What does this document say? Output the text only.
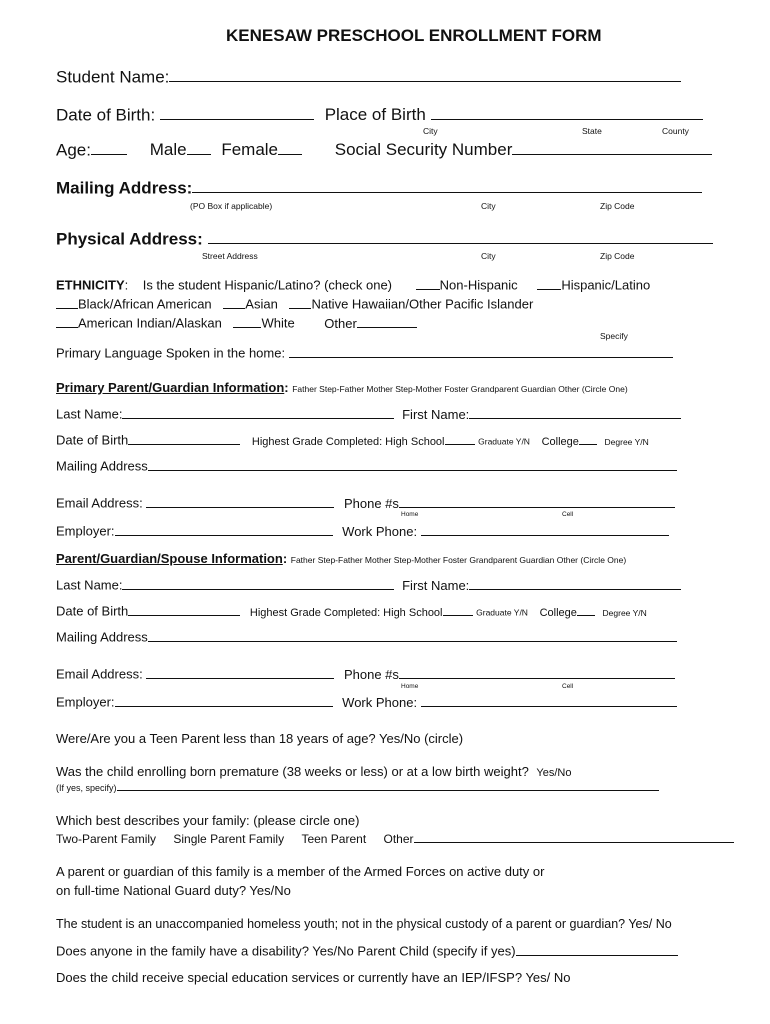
KENESAW PRESCHOOL ENROLLMENT FORM
Student Name:
Date of Birth:	Place of Birth
City	State	County
Age:	Male Female	Social Security Number
Mailing Address:
(PO Box if applicable)	City	Zip Code
Physical Address:
Street Address	City	Zip Code
ETHNICITY:    Is the student Hispanic/Latino? (check one)	Non-Hispanic	Hispanic/Latino
Black/African American	Asian	Native Hawaiian/Other Pacific Islander
American Indian/Alaskan	White Other
Specify
Primary Language Spoken in the home:
Primary Parent/Guardian Information: Father Step-Father Mother Step-Mother Foster Grandparent Guardian Other (Circle One)
Last Name:	First Name:
Date of Birth	Highest Grade Completed: High School	Graduate Y/N College	Degree Y/N
Mailing Address
Email Address:	Phone #s
Home	Cell
Employer:	Work Phone:
Parent/Guardian/Spouse Information: Father Step-Father Mother Step-Mother Foster Grandparent Guardian Other (Circle One)
Last Name:	First Name:
Date of Birth	Highest Grade Completed: High School	Graduate Y/N College	Degree Y/N
Mailing Address
Email Address:	Phone #s
Home	Cell
Employer:	Work Phone:
Were/Are you a Teen Parent less than 18 years of age? Yes/No (circle)
Was the child enrolling born premature (38 weeks or less) or at a low birth weight? Yes/No
(If yes, specify)
Which best describes your family: (please circle one)
Two-Parent Family Single Parent Family Teen Parent Other
A parent or guardian of this family is a member of the Armed Forces on active duty or
on full-time National Guard duty? Yes/No
The student is an unaccompanied homeless youth; not in the physical custody of a parent or guardian? Yes/ No
Does anyone in the family have a disability? Yes/No Parent Child (specify if yes)
Does the child receive special education services or currently have an IEP/IFSP? Yes/ No
